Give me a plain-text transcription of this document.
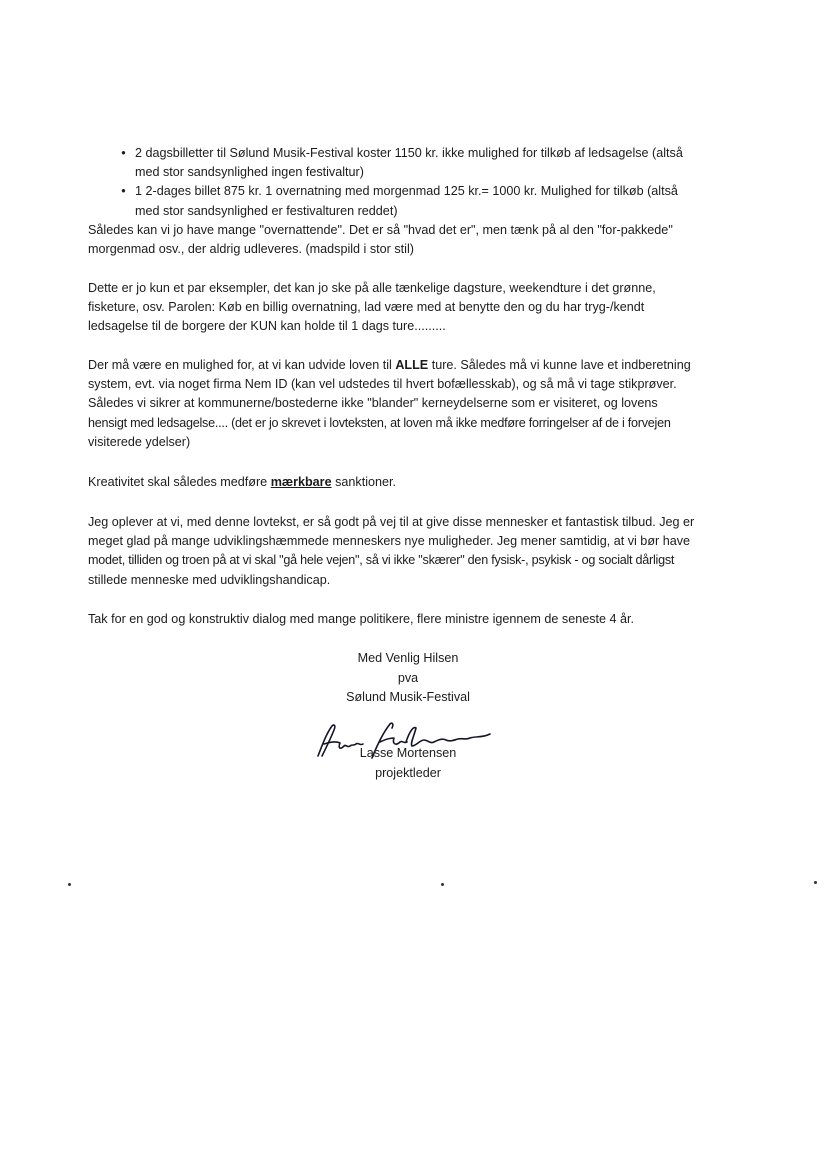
• 2 dagsbilletter til Sølund Musik-Festival koster 1150 kr. ikke mulighed for tilkøb af ledsagelse (altså
med stor sandsynlighed ingen festivaltur)
• 1 2-dages billet 875 kr. 1 overnatning med morgenmad 125 kr.= 1000 kr. Mulighed for tilkøb (altså
med stor sandsynlighed er festivalturen reddet)
Således kan vi jo have mange "overnattende". Det er så "hvad det er", men tænk på al den "for-pakkede"
morgenmad osv., der aldrig udleveres. (madspild i stor stil)
Dette er jo kun et par eksempler, det kan jo ske på alle tænkelige dagsture, weekendture i det grønne,
fisketure, osv. Parolen: Køb en billig overnatning, lad være med at benytte den og du har tryg-/kendt
ledsagelse til de borgere der KUN kan holde til 1 dags ture.........
Der må være en mulighed for, at vi kan udvide loven til ALLE ture. Således må vi kunne lave et indberetning
system, evt. via noget firma Nem ID (kan vel udstedes til hvert bofællesskab), og så må vi tage stikprøver.
Således vi sikrer at kommunerne/bostederne ikke "blander" kerneydelserne som er visiteret, og lovens
hensigt med ledsagelse.... (det er jo skrevet i lovteksten, at loven må ikke medføre forringelser af de i forvejen
visiterede ydelser)
Kreativitet skal således medføre mærkbare sanktioner.
Jeg oplever at vi, med denne lovtekst, er så godt på vej til at give disse mennesker et fantastisk tilbud. Jeg er
meget glad på mange udviklingshæmmede menneskers nye muligheder. Jeg mener samtidig, at vi bør have
modet, tilliden og troen på at vi skal "gå hele vejen", så vi ikke "skærer" den fysisk-, psykisk - og socialt dårligst
stillede menneske med udviklingshandicap.
Tak for en god og konstruktiv dialog med mange politikere, flere ministre igennem de seneste 4 år.
Med Venlig Hilsen
pva
Sølund Musik-Festival
Lasse Mortensen
projektleder
